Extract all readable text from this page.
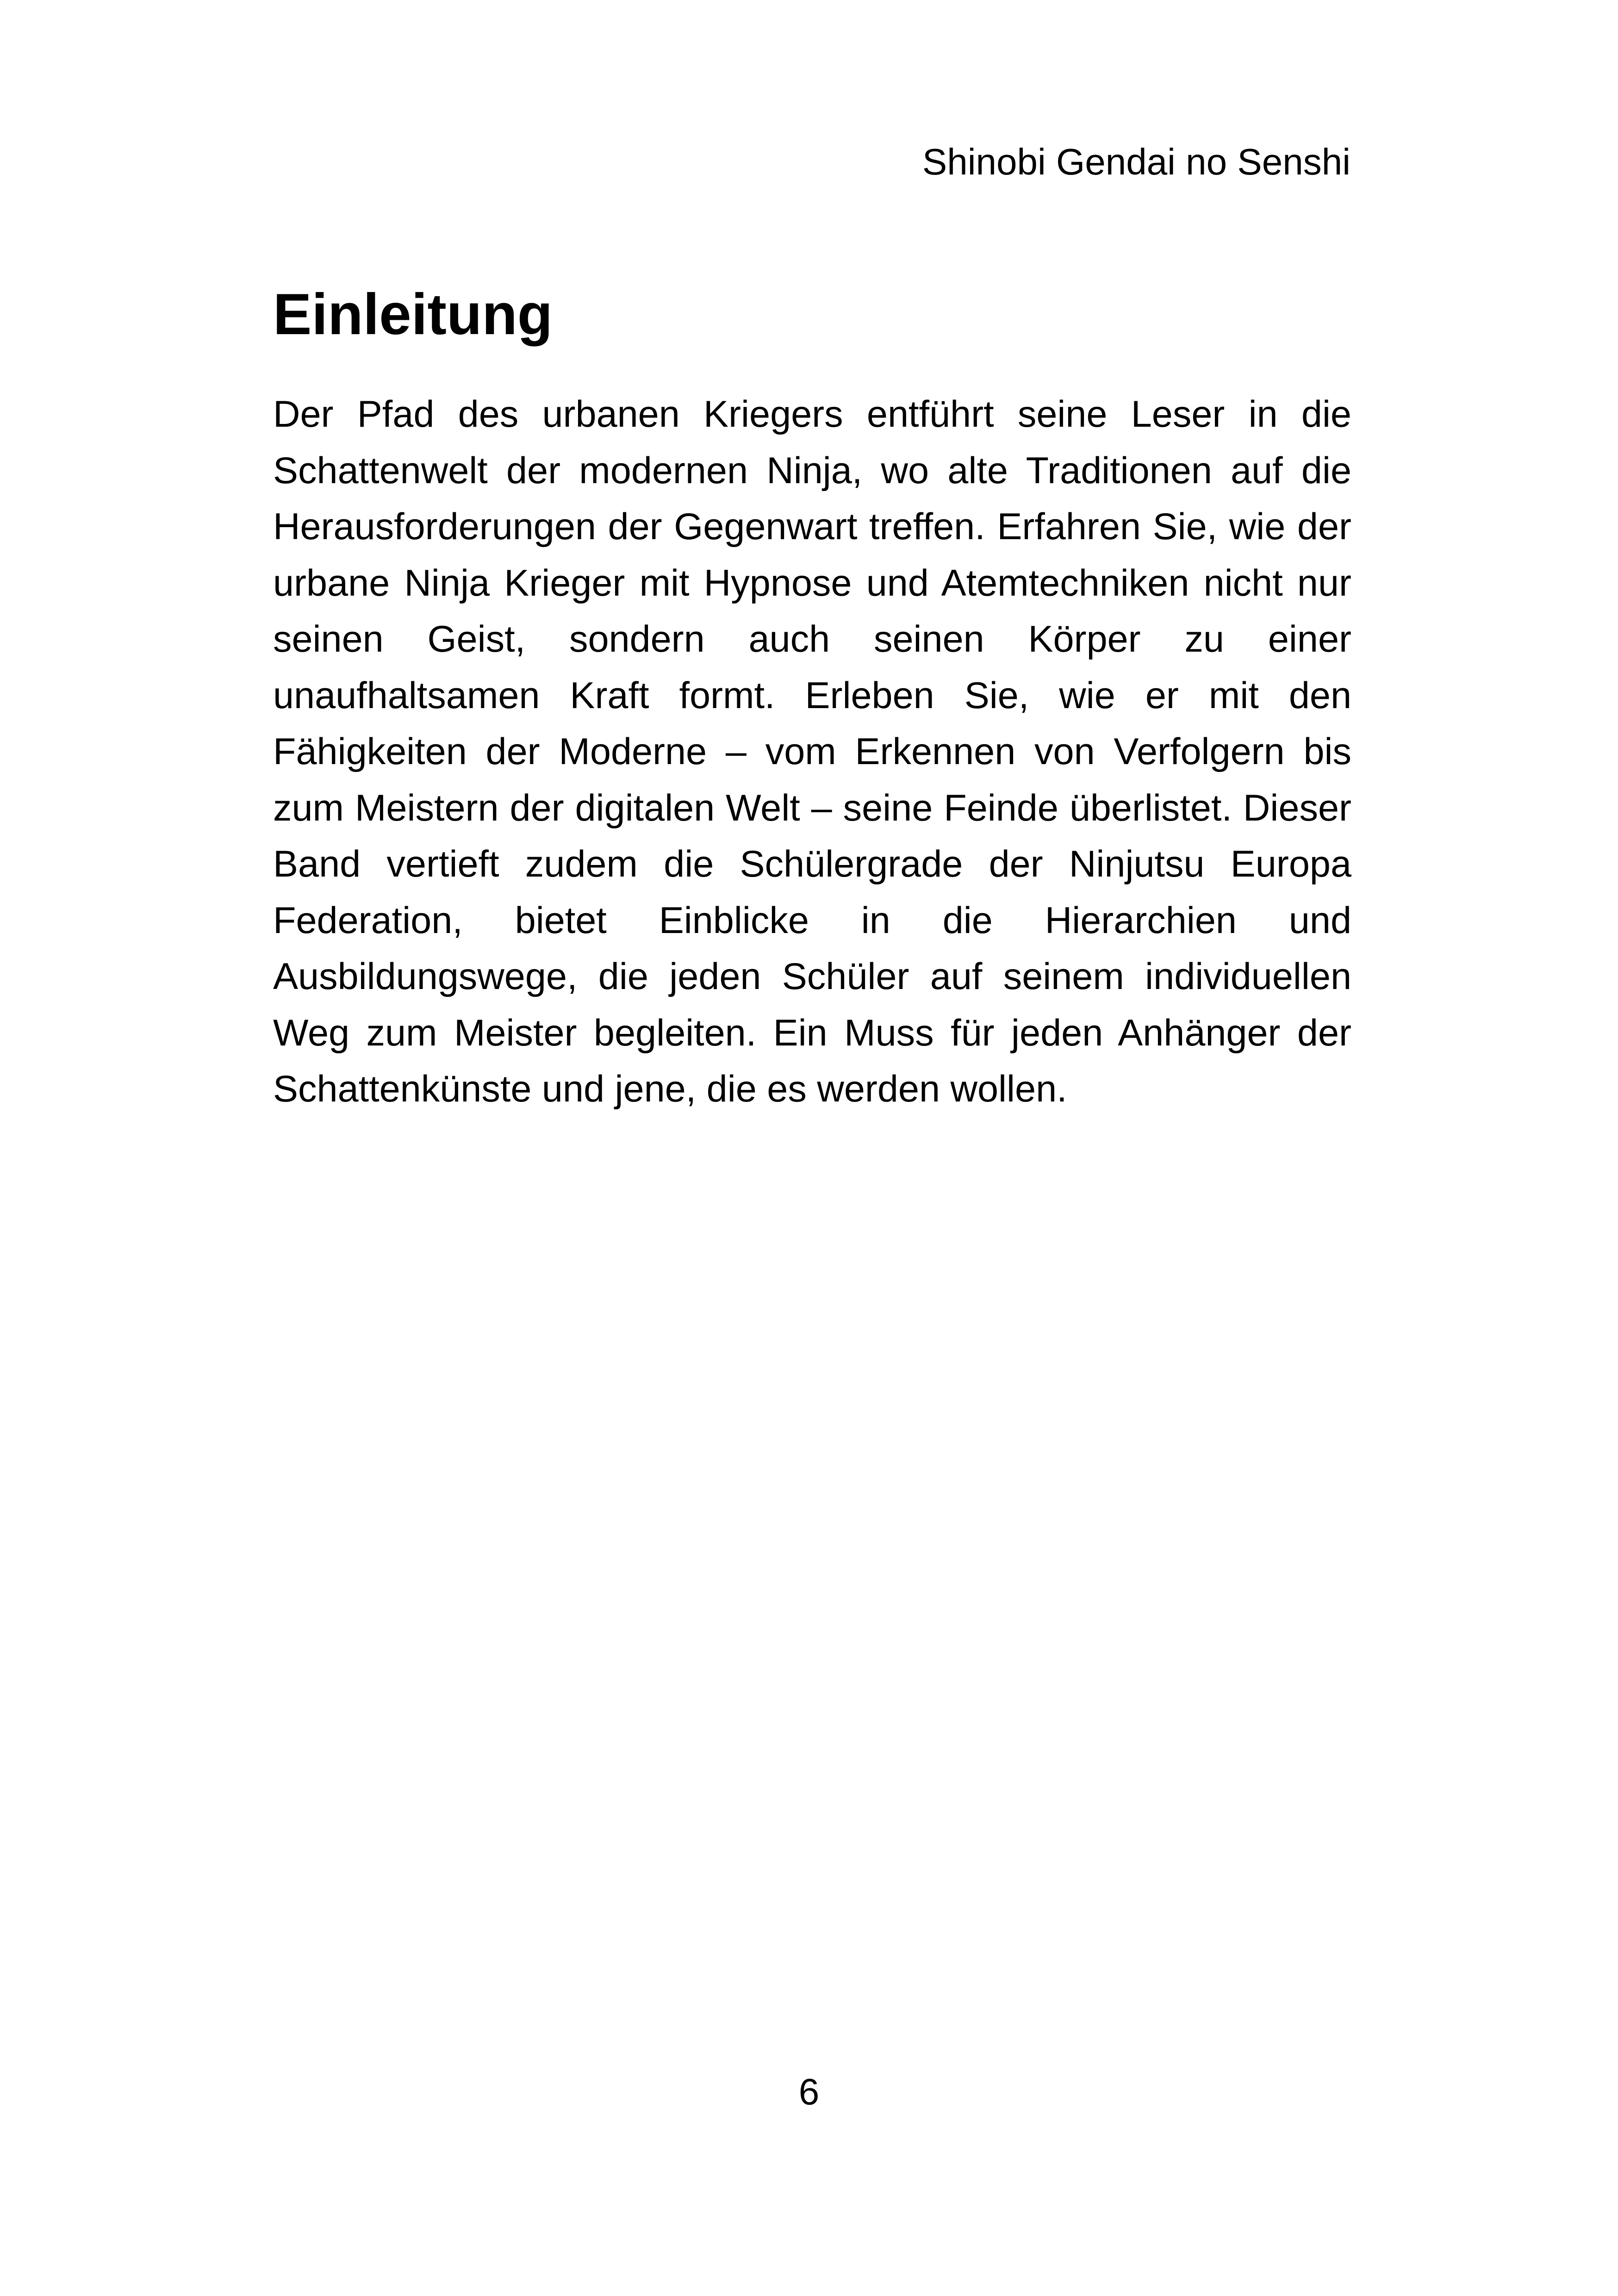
Shinobi Gendai no Senshi
Einleitung

Der Pfad des urbanen Kriegers entführt seine Leser in die Schattenwelt der modernen Ninja, wo alte Traditionen auf die Herausforderungen der Gegenwart treffen. Erfahren Sie, wie der urbane Ninja Krieger mit Hypnose und Atemtechniken nicht nur seinen Geist, sondern auch seinen Körper zu einer unaufhaltsamen Kraft formt. Erleben Sie, wie er mit den Fähigkeiten der Moderne – vom Erkennen von Verfolgern bis zum Meistern der digitalen Welt – seine Feinde überlistet. Dieser Band vertieft zudem die Schülergrade der Ninjutsu Europa Federation, bietet Einblicke in die Hierarchien und Ausbildungswege, die jeden Schüler auf seinem individuellen Weg zum Meister begleiten. Ein Muss für jeden Anhänger der Schattenkünste und jene, die es werden wollen.

6
